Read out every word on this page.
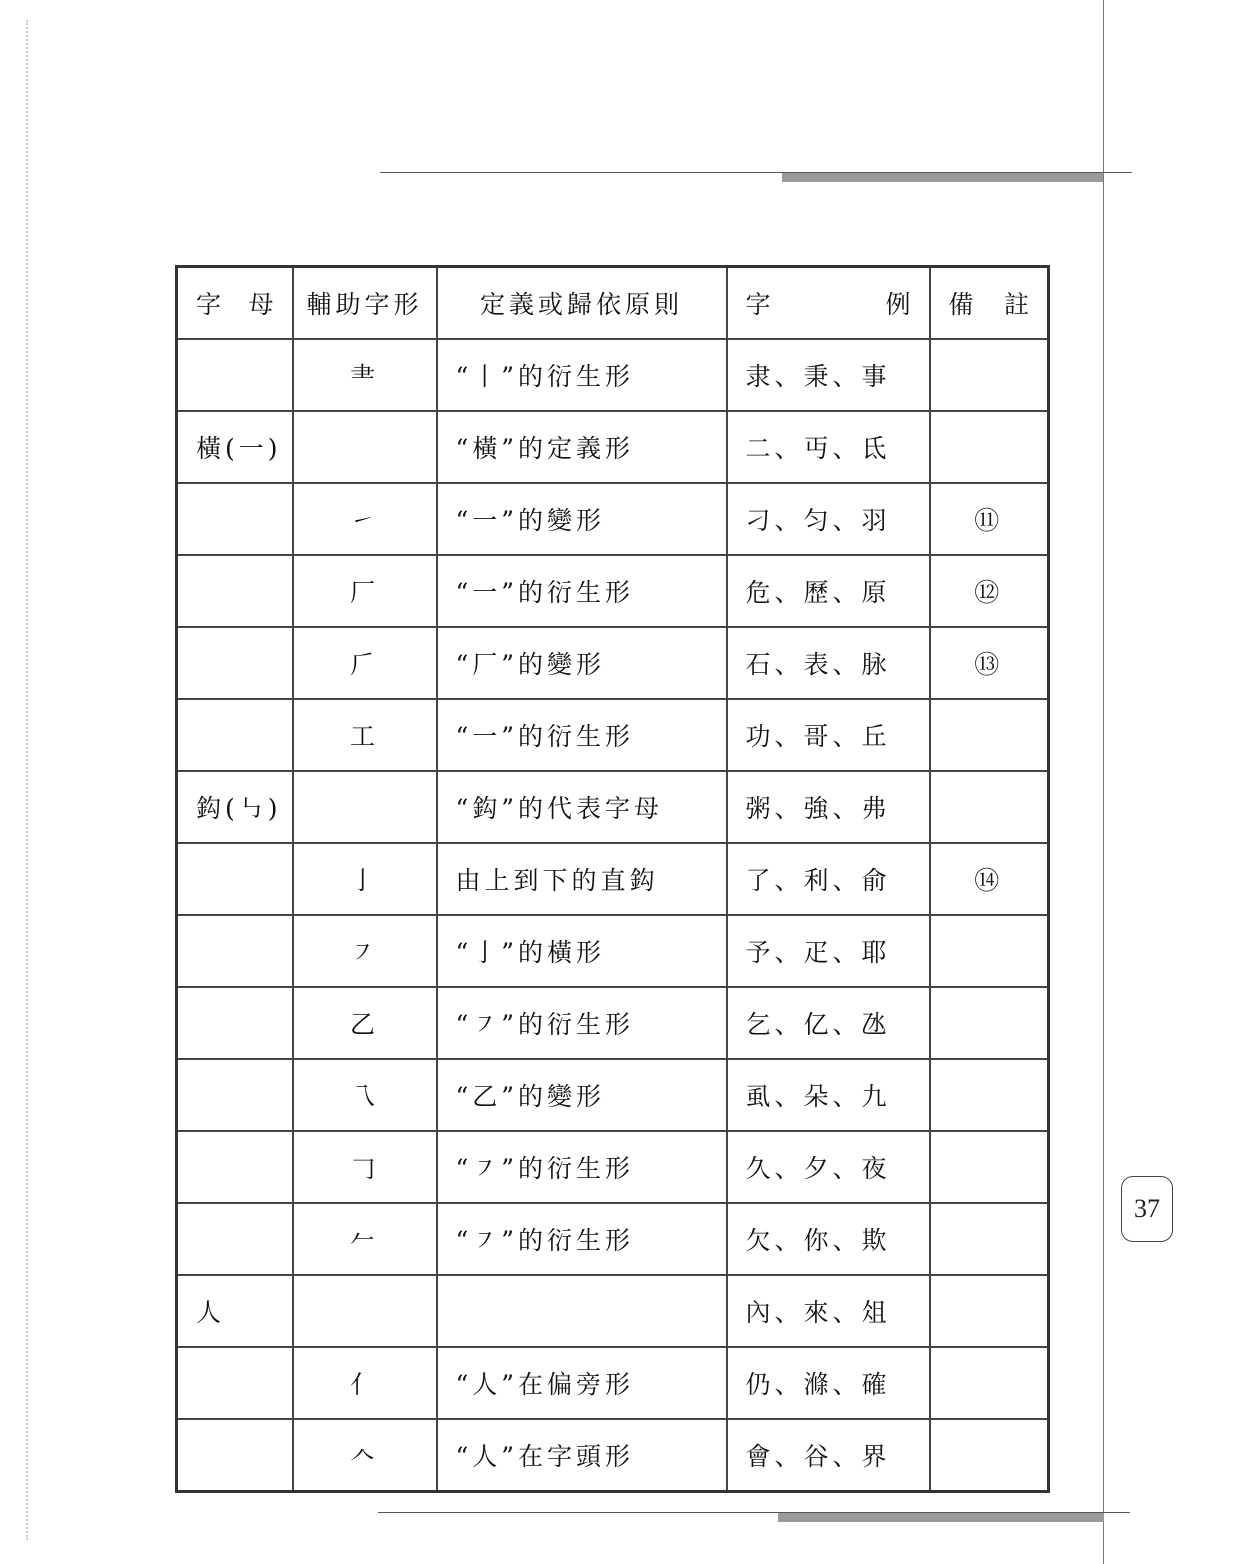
字 母	輔助字形	定義或歸依原則	字 例	備 註

	⺻	“丨”的衍生形	隶、秉、事	
橫(一)		“橫”的定義形	二、丏、氐	
	㇀	“一”的變形	刁、匀、羽	⑪
	厂	“一”的衍生形	危、歷、原	⑫
	𠂆	“厂”的變形	石、表、脉	⑬
	工	“一”的衍生形	功、哥、丘	
鈎(㇉)		“鈎”的代表字母	粥、強、弗	
	亅	由上到下的直鈎	了、利、俞	⑭
	㇇	“亅”的橫形	予、疋、耶	
	乙	“㇇”的衍生形	乞、亿、氹	
	乁	“乙”的變形	虱、朵、九	
	𠃌	“㇇”的衍生形	久、夕、夜	
	𠂉	“㇇”的衍生形	欠、你、欺	
人			內、來、俎	
	亻	“人”在偏旁形	仍、滌、確	
	𠆢	“人”在字頭形	會、谷、界	
37
